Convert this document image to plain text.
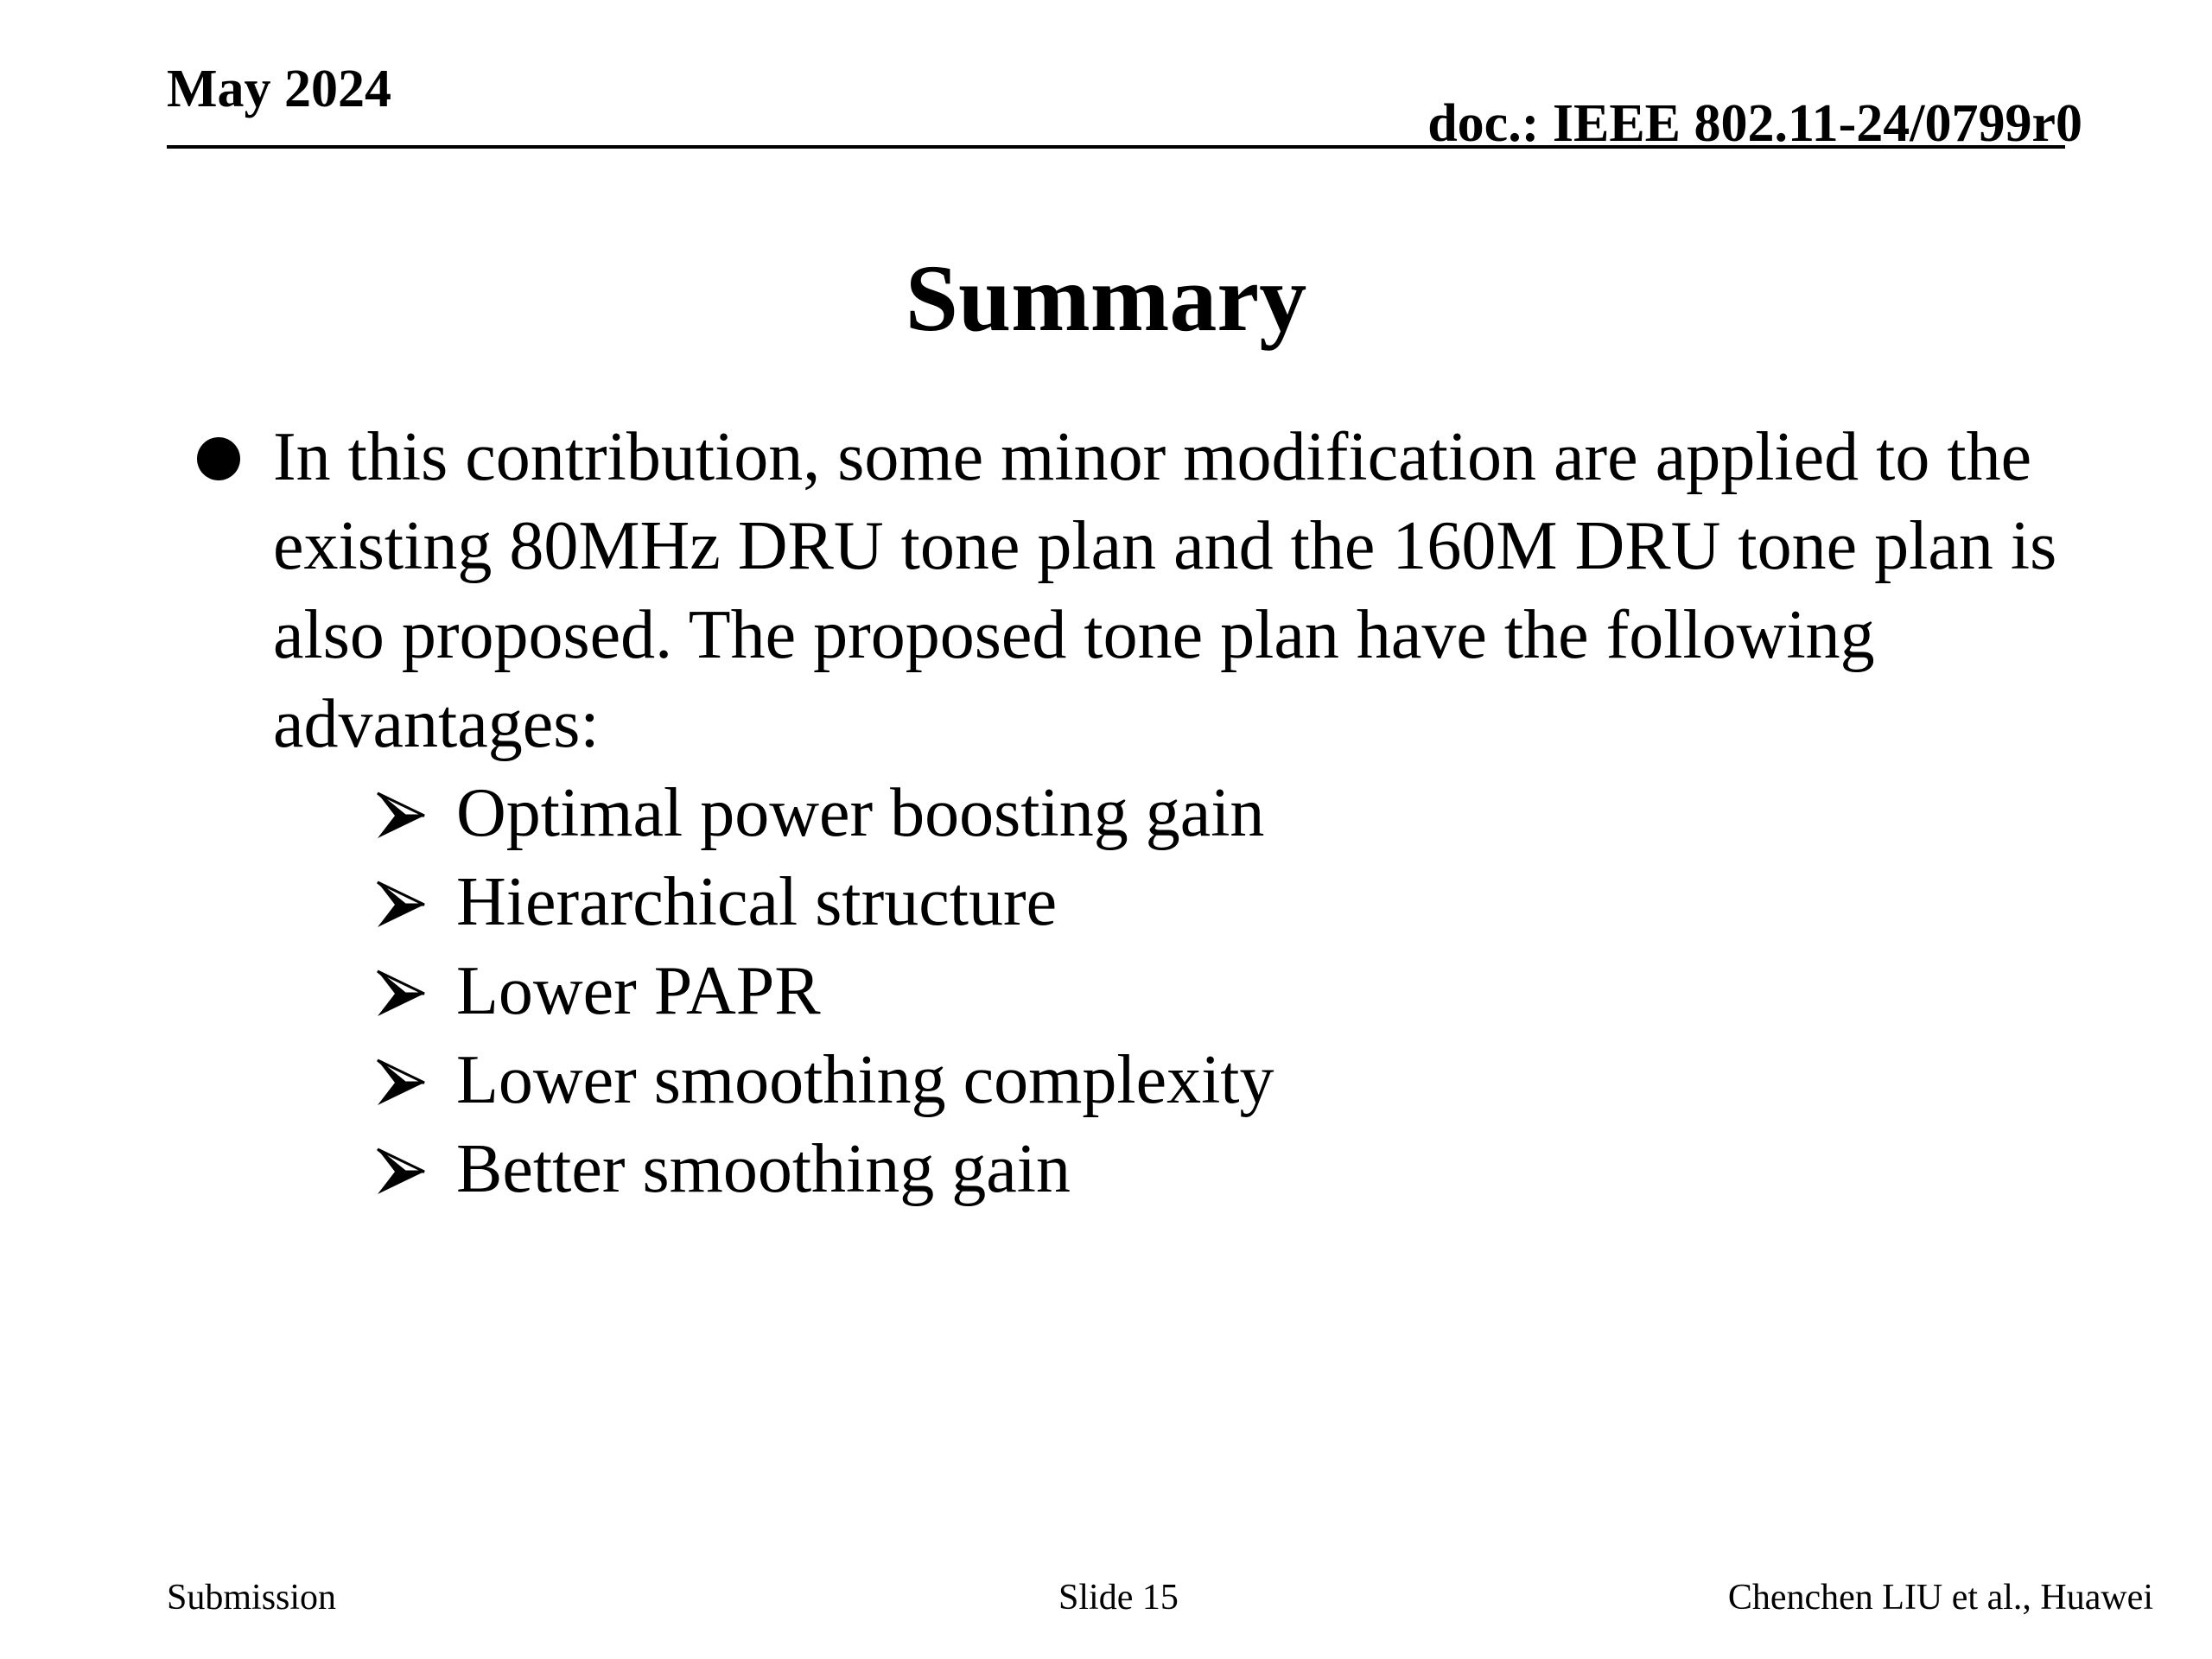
May 2024
doc.: IEEE 802.11-24/0799r0
Summary
In this contribution, some minor modification are applied to the existing 80MHz DRU tone plan and the 160M DRU tone plan is also proposed. The proposed tone plan have the following advantages:
Optimal power boosting gain
Hierarchical structure
Lower PAPR
Lower smoothing complexity
Better smoothing gain
Submission	Slide 15	Chenchen LIU et al., Huawei
